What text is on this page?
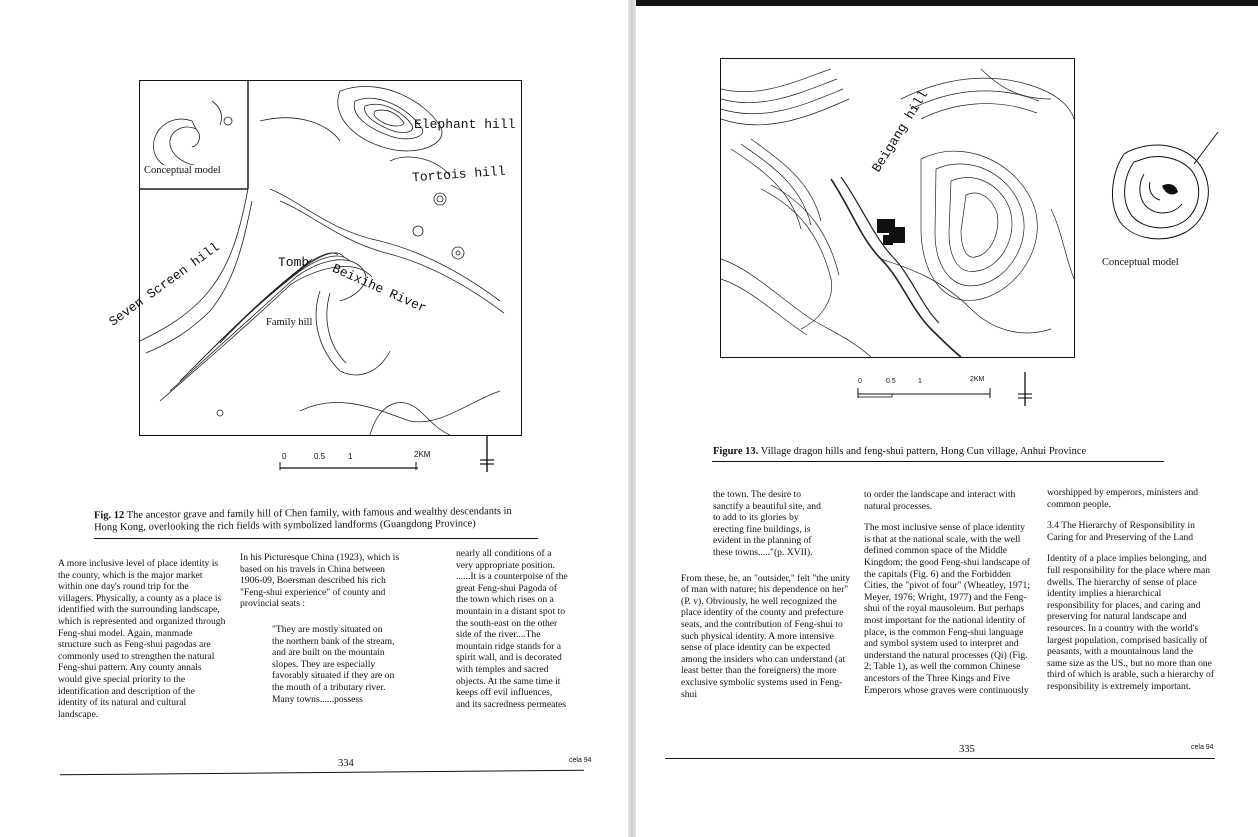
Conceptual model
Elephant hill
Tortois hill
Tomb Beixihe River
Seven Screen hill	Family hill
0	0.5	1	2KM
Fig. 12 The ancestor grave and family hill of Chen family, with famous and wealthy descendants in Hong Kong, overlooking the rich fields with symbolized landforms (Guangdong Province)

A more inclusive level of place identity is the county, which is the major market within one day's round trip for the villagers. Physically, a county as a place is identified with the surrounding landscape, which is represented and organized through Feng-shui model. Again, manmade structure such as Feng-shui pagodas are commonly used to strengthen the natural Feng-shui pattern. Any county annals would give special priority to the identification and description of the identity of its natural and cultural landscape.

In his Picturesque China (1923), which is based on his travels in China between 1906-09, Boersman described his rich "Feng-shui experience" of county and provincial seats :

"They are mostly situated on the northern bank of the stream, and are built on the mountain slopes. They are especially favorably situated if they are on the mouth of a tributary river. Many towns......possess

nearly all conditions of a very appropriate position. ......It is a counterpoise of the great Feng-shui Pagoda of the town which rises on a mountain in a distant spot to the south-east on the other side of the river....The mountain ridge stands for a spirit wall, and is decorated with temples and sacred objects. At the same time it keeps off evil influences, and its sacredness permeates

334	cela 94
Beigang hill
Conceptual model
0	0.5	1	2KM
Figure 13. Village dragon hills and feng-shui pattern, Hong Cun village, Anhui Province

the town. The desire to sanctify a beautiful site, and to add to its glories by erecting fine buildings, is evident in the planning of these towns....."(p. XVII).

From these, he, an "outsider," felt "the unity of man with nature; his dependence on her" (P. v). Obviously, he well recognized the place identity of the county and prefecture seats, and the contribution of Feng-shui to such physical identity. A more intensive sense of place identity can be expected among the insiders who can understand (at least better than the foreigners) the more exclusive symbolic systems used in Feng-shui

to order the landscape and interact with natural processes.

The most inclusive sense of place identity is that at the national scale, with the well defined common space of the Middle Kingdom; the good Feng-shui landscape of the capitals (Fig. 6) and the Forbidden Cities, the "pivot of four" (Wheatley, 1971; Meyer, 1976; Wright, 1977) and the Feng-shui of the royal mausoleum. But perhaps most important for the national identity of place, is the common Feng-shui language and symbol system used to interpret and understand the natural processes (Qi) (Fig. 2; Table 1), as well the common Chinese ancestors of the Three Kings and Five Emperors whose graves were continuously

worshipped by emperors, ministers and common people.

3.4 The Hierarchy of Responsibility in Caring for and Preserving of the Land

Identity of a place implies belonging, and full responsibility for the place where man dwells. The hierarchy of sense of place identity implies a hierarchical responsibility for places, and caring and preserving for natural landscape and resources. In a country with the world's largest population, comprised basically of peasants, with a mountainous land the same size as the US., but no more than one third of which is arable, such a hierarchy of responsibility is extremely important.

335	cela 94
